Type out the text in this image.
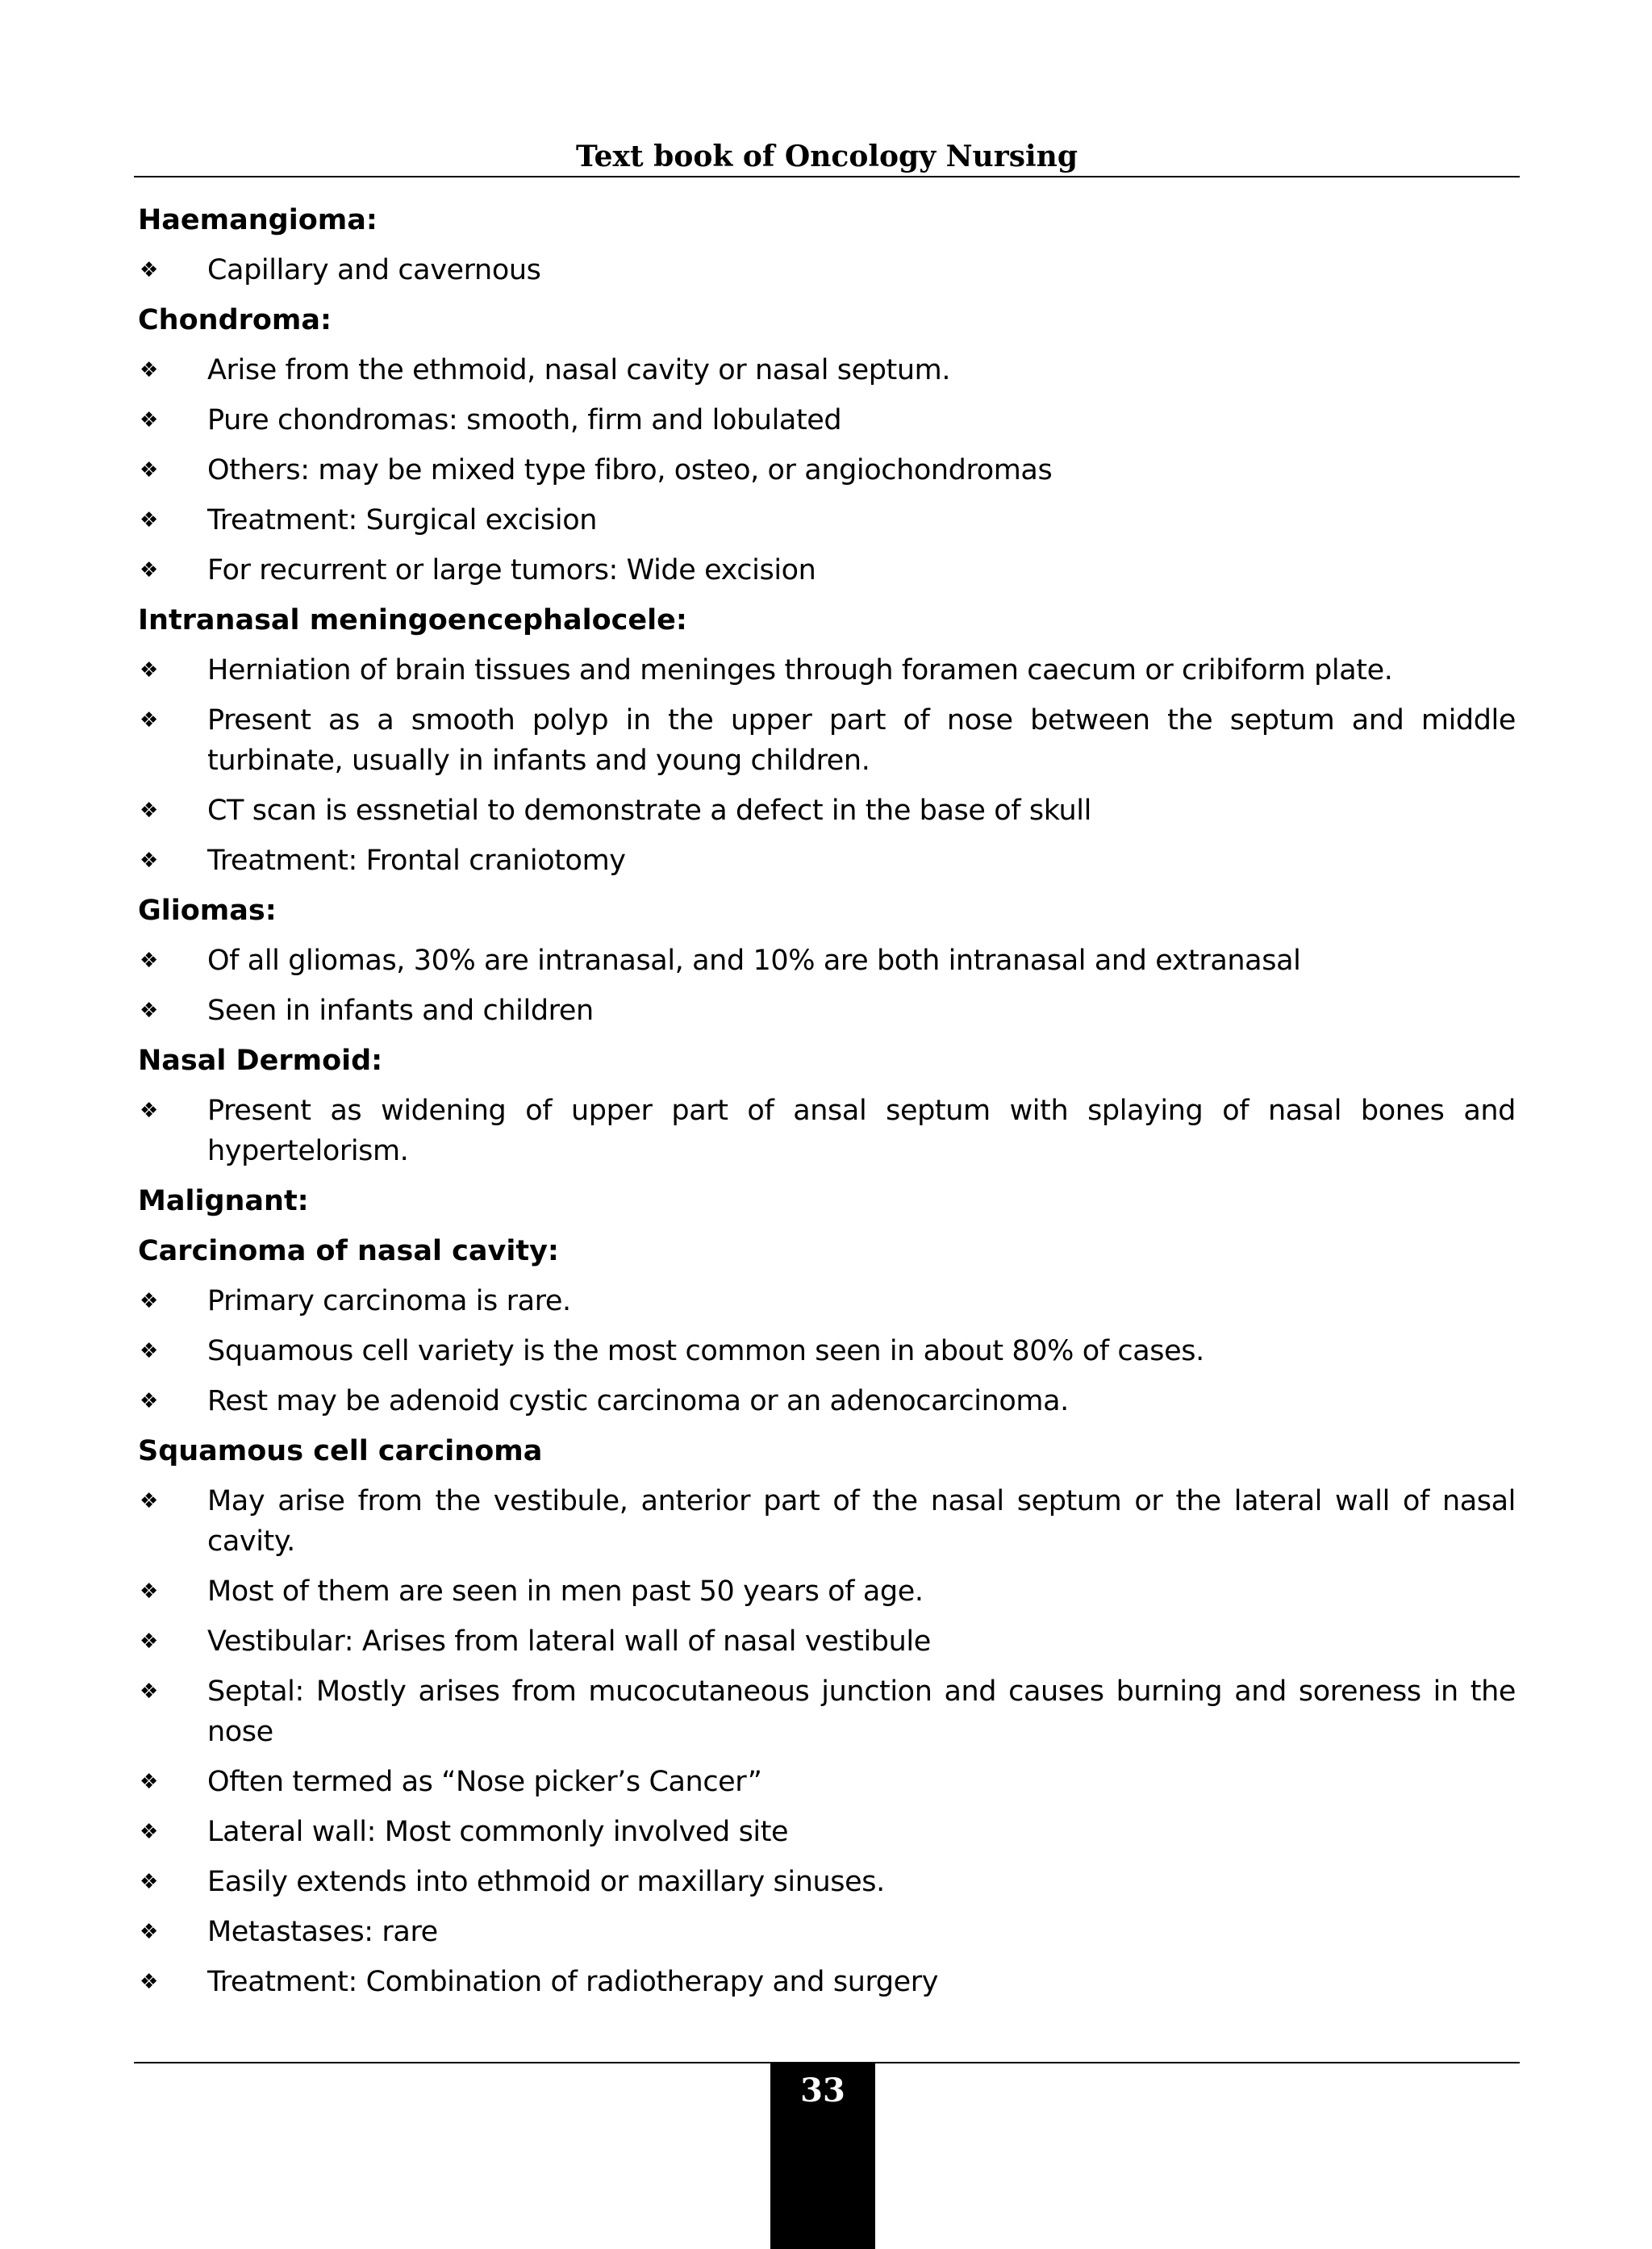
Text book of Oncology Nursing
Haemangioma:
❖	Capillary and cavernous
Chondroma:
❖	Arise from the ethmoid, nasal cavity or nasal septum.
❖	Pure chondromas: smooth, firm and lobulated
❖	Others: may be mixed type fibro, osteo, or angiochondromas
❖	Treatment: Surgical excision
❖	For recurrent or large tumors: Wide excision
Intranasal meningoencephalocele:
❖	Herniation of brain tissues and meninges through foramen caecum or cribiform plate.
❖	Present as a smooth polyp in the upper part of nose between the septum and middle turbinate, usually in infants and young children.
❖	CT scan is essnetial to demonstrate a defect in the base of skull
❖	Treatment: Frontal craniotomy
Gliomas:
❖	Of all gliomas, 30% are intranasal, and 10% are both intranasal and extranasal
❖	Seen in infants and children
Nasal Dermoid:
❖	Present as widening of upper part of ansal septum with splaying of nasal bones and hypertelorism.
Malignant:
Carcinoma of nasal cavity:
❖	Primary carcinoma is rare.
❖	Squamous cell variety is the most common seen in about 80% of cases.
❖	Rest may be adenoid cystic carcinoma or an adenocarcinoma.
Squamous cell carcinoma
❖	May arise from the vestibule, anterior part of the nasal septum or the lateral wall of nasal cavity.
❖	Most of them are seen in men past 50 years of age.
❖	Vestibular: Arises from lateral wall of nasal vestibule
❖	Septal: Mostly arises from mucocutaneous junction and causes burning and soreness in the nose
❖	Often termed as “Nose picker’s Cancer”
❖	Lateral wall: Most commonly involved site
❖	Easily extends into ethmoid or maxillary sinuses.
❖	Metastases: rare
❖	Treatment: Combination of radiotherapy and surgery
33
